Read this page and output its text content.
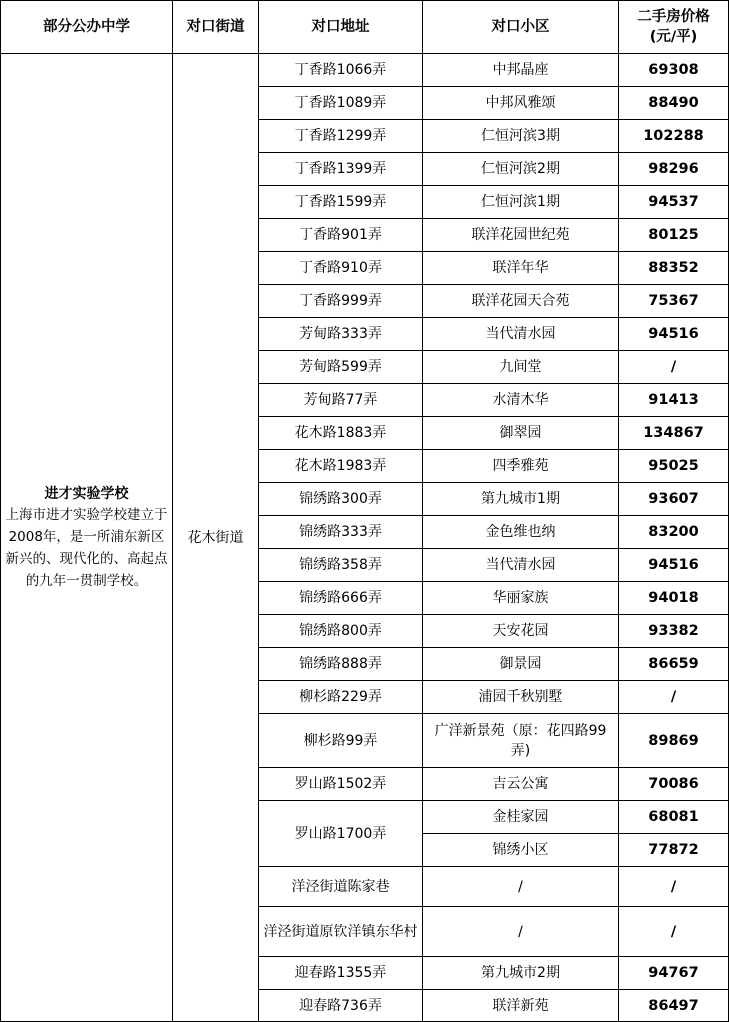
部分公办中学	对口街道	对口地址	对口小区	二手房价格
(元/平)

进才实验学校
上海市进才实验学校建立于2008年，是一所浦东新区新兴的、现代化的、高起点的九年一贯制学校。	花木街道	丁香路1066弄	中邦晶座	69308
		丁香路1089弄	中邦风雅颂	88490
		丁香路1299弄	仁恒河滨3期	102288
		丁香路1399弄	仁恒河滨2期	98296
		丁香路1599弄	仁恒河滨1期	94537
		丁香路901弄	联洋花园世纪苑	80125
		丁香路910弄	联洋年华	88352
		丁香路999弄	联洋花园天合苑	75367
		芳甸路333弄	当代清水园	94516
		芳甸路599弄	九间堂	/
		芳甸路77弄	水清木华	91413
		花木路1883弄	御翠园	134867
		花木路1983弄	四季雅苑	95025
		锦绣路300弄	第九城市1期	93607
		锦绣路333弄	金色维也纳	83200
		锦绣路358弄	当代清水园	94516
		锦绣路666弄	华丽家族	94018
		锦绣路800弄	天安花园	93382
		锦绣路888弄	御景园	86659
		柳杉路229弄	浦园千秋别墅	/
		柳杉路99弄	广洋新景苑（原：花四路99弄)	89869
		罗山路1502弄	吉云公寓	70086
		罗山路1700弄	金桂家园	68081
			锦绣小区	77872
		洋泾街道陈家巷	/	/
		洋泾街道原钦洋镇东华村	/	/
		迎春路1355弄	第九城市2期	94767
		迎春路736弄	联洋新苑	86497
